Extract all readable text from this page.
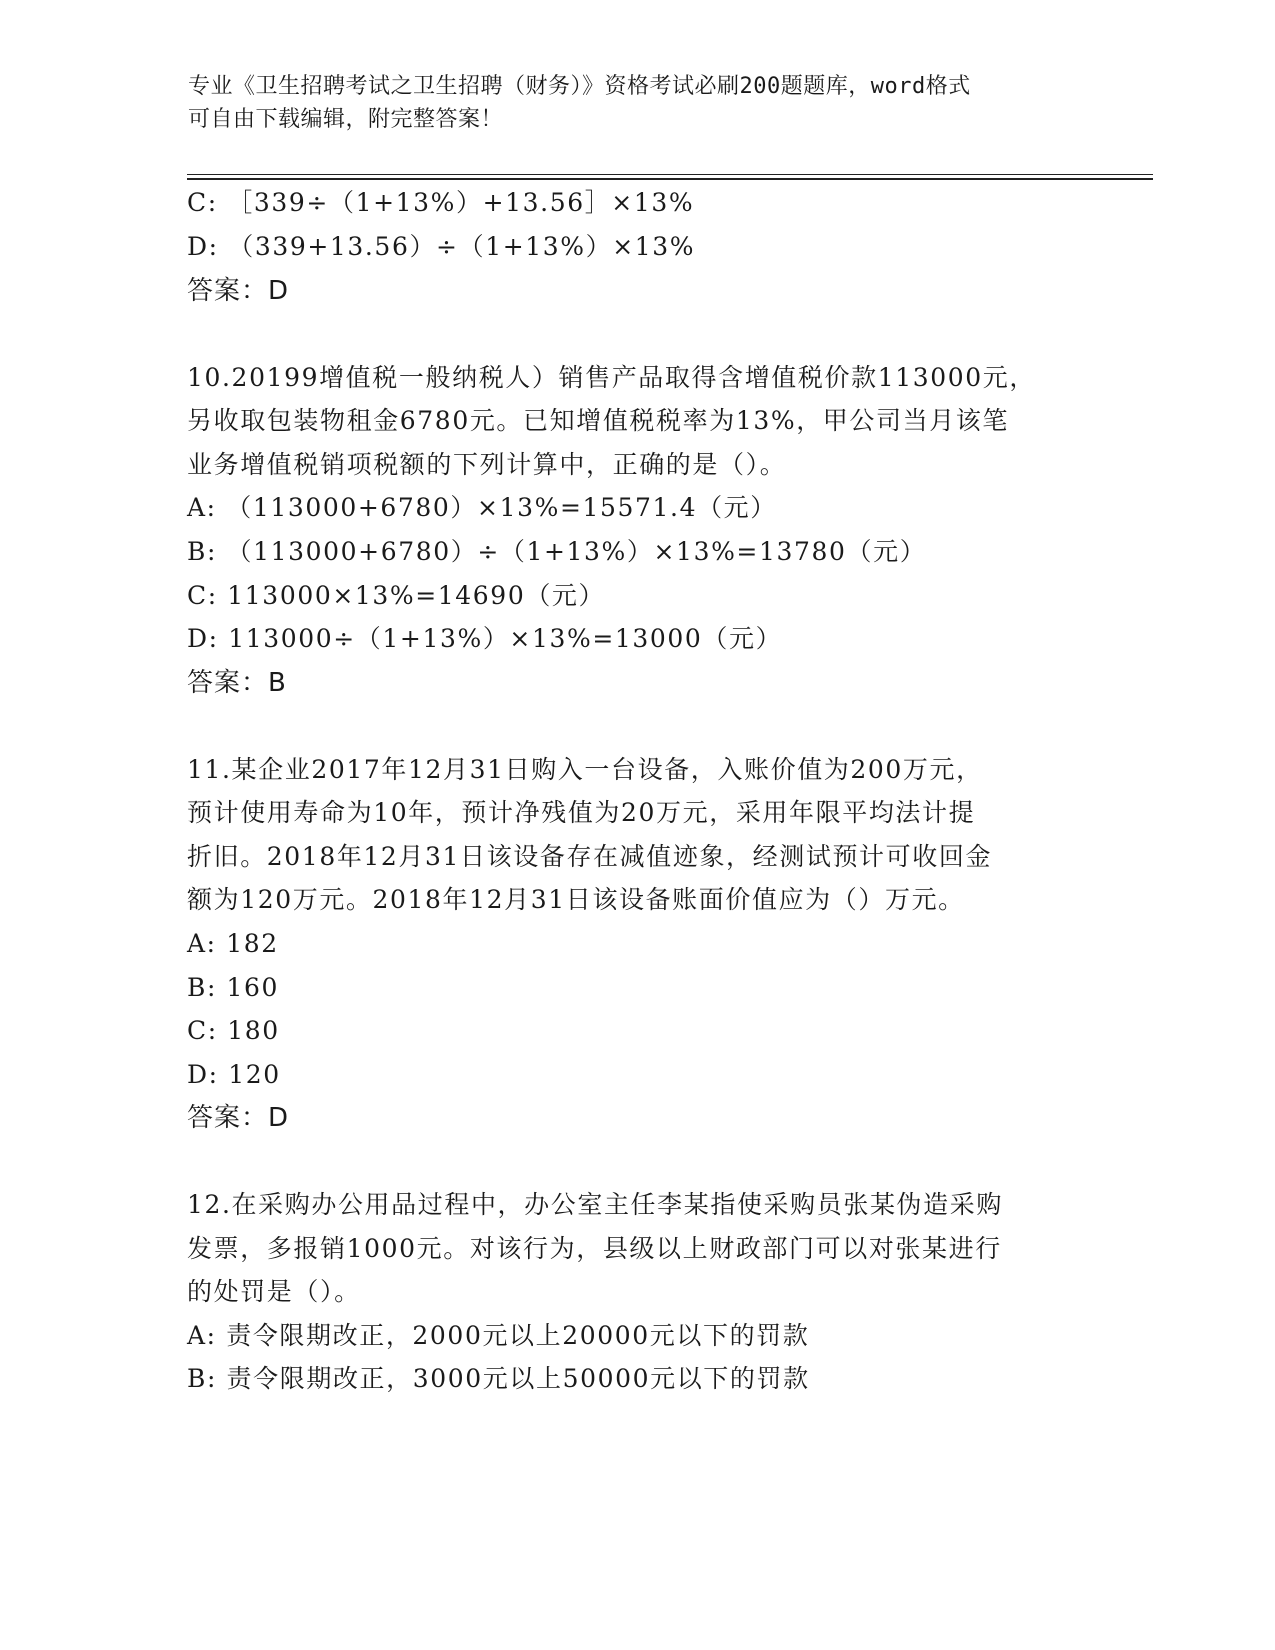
专业《卫生招聘考试之卫生招聘（财务）》资格考试必刷200题题库，word格式
可自由下载编辑，附完整答案！
C: ［339÷（1+13%）+13.56］×13%
D: （339+13.56）÷（1+13%）×13%
答案：D
10.20199增值税一般纳税人）销售产品取得含增值税价款113000元，
另收取包装物租金6780元。已知增值税税率为13%，甲公司当月该笔
业务增值税销项税额的下列计算中，正确的是（）。
A: （113000+6780）×13%=15571.4（元）
B: （113000+6780）÷（1+13%）×13%=13780（元）
C: 113000×13%=14690（元）
D: 113000÷（1+13%）×13%=13000（元）
答案：B
11.某企业2017年12月31日购入一台设备，入账价值为200万元，
预计使用寿命为10年，预计净残值为20万元，采用年限平均法计提
折旧。2018年12月31日该设备存在减值迹象，经测试预计可收回金
额为120万元。2018年12月31日该设备账面价值应为（）万元。
A: 182
B: 160
C: 180
D: 120
答案：D
12.在采购办公用品过程中，办公室主任李某指使采购员张某伪造采购
发票，多报销1000元。对该行为，县级以上财政部门可以对张某进行
的处罚是（）。
A: 责令限期改正，2000元以上20000元以下的罚款
B: 责令限期改正，3000元以上50000元以下的罚款
